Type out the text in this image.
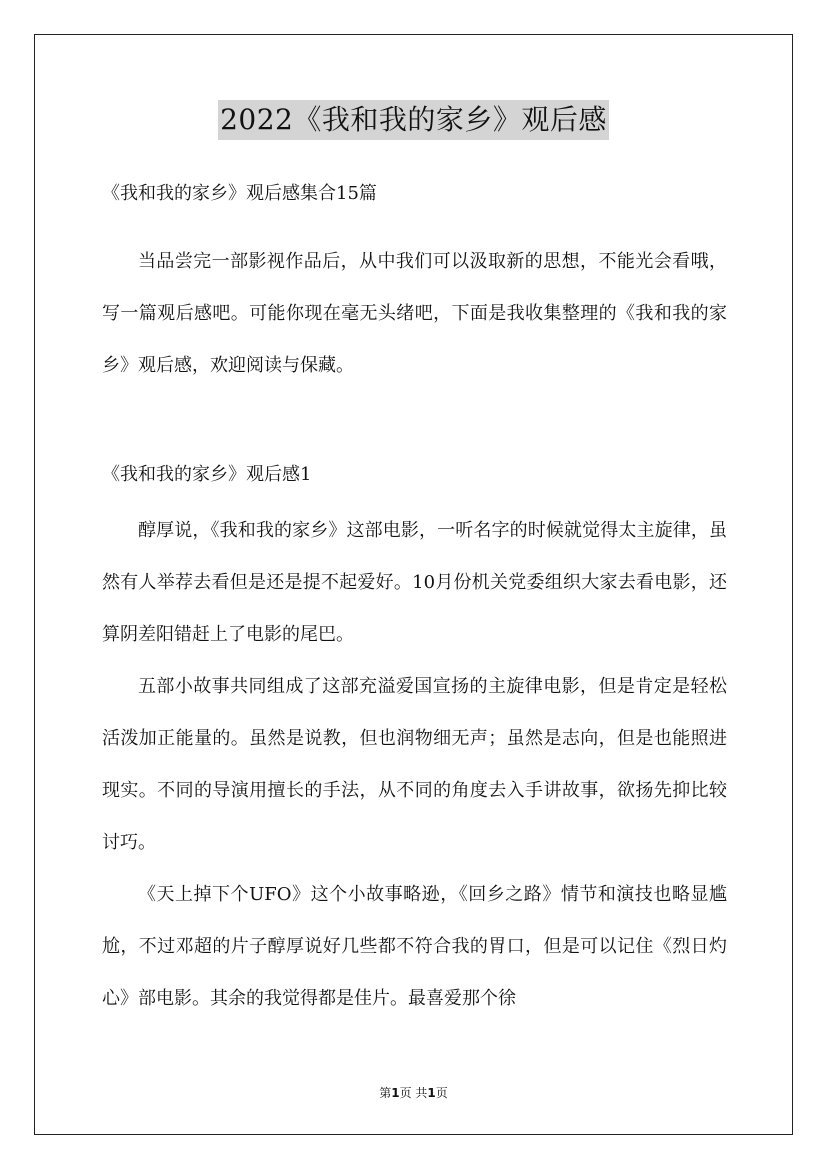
2022《我和我的家乡》观后感

《我和我的家乡》观后感集合15篇

当品尝完一部影视作品后，从中我们可以汲取新的思想，不能光会看哦，写一篇观后感吧。可能你现在毫无头绪吧，下面是我收集整理的《我和我的家乡》观后感，欢迎阅读与保藏。

《我和我的家乡》观后感1

醇厚说，《我和我的家乡》这部电影，一听名字的时候就觉得太主旋律，虽然有人举荐去看但是还是提不起爱好。10月份机关党委组织大家去看电影，还算阴差阳错赶上了电影的尾巴。

五部小故事共同组成了这部充溢爱国宣扬的主旋律电影，但是肯定是轻松活泼加正能量的。虽然是说教，但也润物细无声；虽然是志向，但是也能照进现实。不同的导演用擅长的手法，从不同的角度去入手讲故事，欲扬先抑比较讨巧。

《天上掉下个UFO》这个小故事略逊，《回乡之路》情节和演技也略显尴尬，不过邓超的片子醇厚说好几些都不符合我的胃口，但是可以记住《烈日灼心》部电影。其余的我觉得都是佳片。最喜爱那个徐

第1页 共1页
